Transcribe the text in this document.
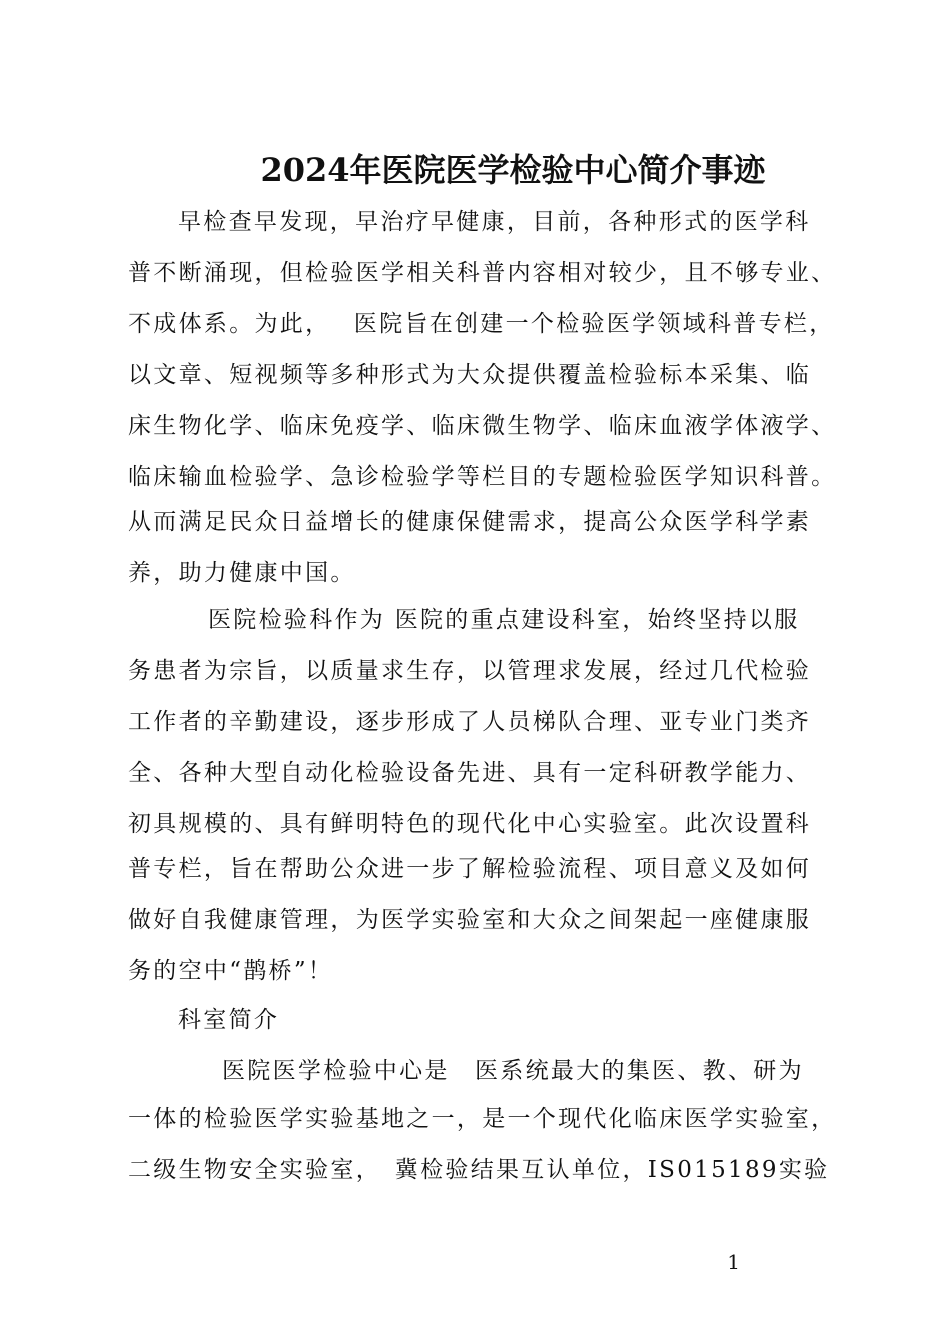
2024年医院医学检验中心简介事迹
早检查早发现，早治疗早健康，目前，各种形式的医学科
普不断涌现，但检验医学相关科普内容相对较少，且不够专业、
不成体系。为此，　 医院旨在创建一个检验医学领域科普专栏，
以文章、短视频等多种形式为大众提供覆盖检验标本采集、临
床生物化学、临床免疫学、临床微生物学、临床血液学体液学、
临床输血检验学、急诊检验学等栏目的专题检验医学知识科普。
从而满足民众日益增长的健康保健需求，提高公众医学科学素
养，助力健康中国。
医院检验科作为 医院的重点建设科室，始终坚持以服
务患者为宗旨，以质量求生存，以管理求发展，经过几代检验
工作者的辛勤建设，逐步形成了人员梯队合理、亚专业门类齐
全、各种大型自动化检验设备先进、具有一定科研教学能力、
初具规模的、具有鲜明特色的现代化中心实验室。此次设置科
普专栏，旨在帮助公众进一步了解检验流程、项目意义及如何
做好自我健康管理，为医学实验室和大众之间架起一座健康服
务的空中“鹊桥”！
科室简介
医院医学检验中心是　医系统最大的集医、教、研为
一体的检验医学实验基地之一，是一个现代化临床医学实验室，
二级生物安全实验室，　冀检验结果互认单位，IS015189实验
1
